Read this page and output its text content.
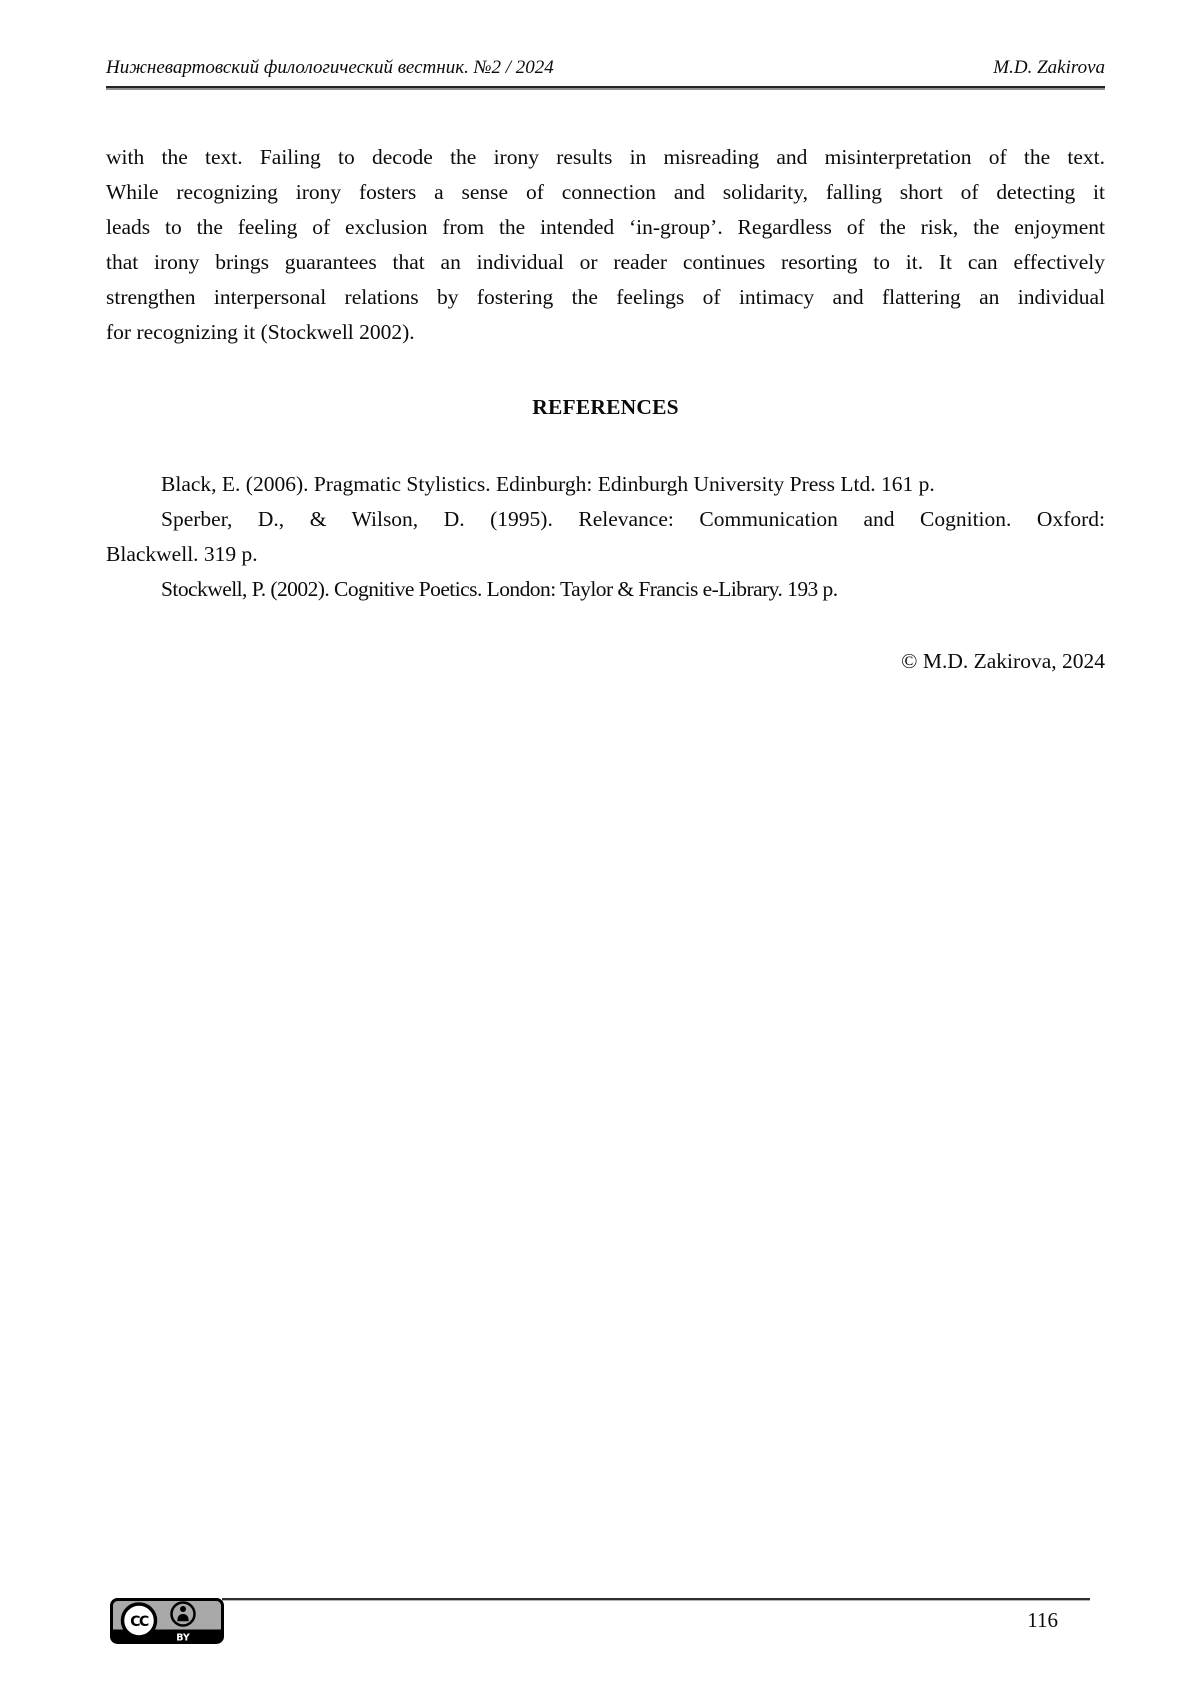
Нижневартовский филологический вестник. №2 / 2024	M.D. Zakirova
with the text. Failing to decode the irony results in misreading and misinterpretation of the text.
While recognizing irony fosters a sense of connection and solidarity, falling short of detecting it
leads to the feeling of exclusion from the intended ‘in-group’. Regardless of the risk, the enjoyment
that irony brings guarantees that an individual or reader continues resorting to it. It can effectively
strengthen interpersonal relations by fostering the feelings of intimacy and flattering an individual
for recognizing it (Stockwell 2002).
REFERENCES
Black, E. (2006). Pragmatic Stylistics. Edinburgh: Edinburgh University Press Ltd. 161 p.
Sperber, D., & Wilson, D. (1995). Relevance: Communication and Cognition. Oxford:
Blackwell. 319 p.
Stockwell, P. (2002). Cognitive Poetics. London: Taylor & Francis e-Library. 193 p.
© M.D. Zakirova, 2024
CC
BY
116
